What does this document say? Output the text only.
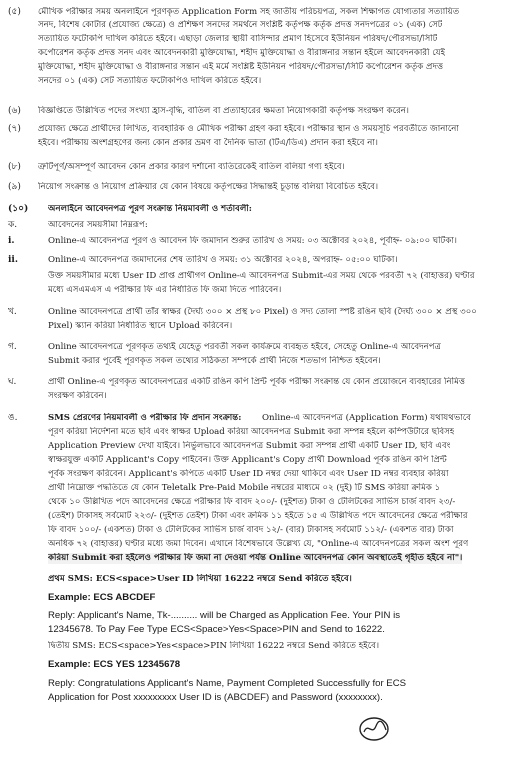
(৫) মৌখিক পরীক্ষার সময় অনলাইনে পূরণকৃত Application Form সহ জাতীয় পরিচয়পত্র, সকল শিক্ষাগত যোগ্যতার সত্যায়িত
সনদ, বিশেষ কোটার (প্রযোজ্য ক্ষেত্রে) ও প্রশিক্ষণ সনদের সমর্থনে সংশ্লিষ্ট কর্তৃপক্ষ কর্তৃক প্রদত্ত সনদপত্রের ০১ (এক) সেট
সত্যায়িত ফটোকপি দাখিল করিতে হইবে। এছাড়া জেলার স্থায়ী বাসিন্দার প্রমাণ হিসেবে ইউনিয়ন পরিষদ/পৌরসভা/সিটি
কর্পোরেশন কর্তৃক প্রদত্ত সনদ এবং আবেদনকারী মুক্তিযোদ্ধা, শহীদ মুক্তিযোদ্ধা ও বীরাঙ্গনার সন্তান হইলে আবেদনকারী যেই
মুক্তিযোদ্ধা, শহীদ মুক্তিযোদ্ধা ও বীরাঙ্গনার সন্তান এই মর্মে সংশ্লিষ্ট ইউনিয়ন পরিষদ/পৌরসভা/সিটি কর্পোরেশন কর্তৃক প্রদত্ত
সনদের ০১ (এক) সেট সত্যায়িত ফটোকপিও দাখিল করিতে হইবে।
(৬) বিজ্ঞপ্তিতে উল্লিখিত পদের সংখ্যা হ্রাস-বৃদ্ধি, বাতিল বা প্রত্যাহারের ক্ষমতা নিয়োগকারী কর্তৃপক্ষ সংরক্ষণ করেন।
(৭) প্রযোজ্য ক্ষেত্রে প্রার্থীদের লিখিত, ব্যবহারিক ও মৌখিক পরীক্ষা গ্রহণ করা হইবে। পরীক্ষার স্থান ও সময়সূচি পরবর্তীতে জানানো
হইবে। পরীক্ষায় অংশগ্রহণের জন্য কোন প্রকার ভ্রমণ বা দৈনিক ভাতা (টিএ/ডিএ) প্রদান করা হইবে না।
(৮) ত্রুটিপূর্ণ/অসম্পূর্ণ আবেদন কোন প্রকার কারণ দর্শানো ব্যতিরেকেই বাতিল বলিয়া গণ্য হইবে।
(৯) নিয়োগ সংক্রান্ত ও নিয়োগ প্রক্রিয়ার যে কোন বিষয়ে কর্তৃপক্ষের সিদ্ধান্তই চূড়ান্ত বলিয়া বিবেচিত হইবে।
(১০) অনলাইনে আবেদনপত্র পূরণ সংক্রান্ত নিয়মাবলী ও শর্তাবলী:
ক.	আবেদনের সময়সীমা নিম্নরূপ:
i.	Online-এ আবেদনপত্র পূরণ ও আবেদন ফি জমাদান শুরুর তারিখ ও সময়: ০৩ অক্টোবর ২০২৪, পূর্বাহ্ন- ০৯:০০ ঘটিকা।
ii.	Online-এ আবেদনপত্র জমাদানের শেষ তারিখ ও সময়: ৩১ অক্টোবর ২০২৪, অপরাহ্ন- ০৫:০০ ঘটিকা।
উক্ত সময়সীমার মধ্যে User ID প্রাপ্ত প্রার্থীগণ Online-এ আবেদনপত্র Submit-এর সময় থেকে পরবর্তী ৭২ (বাহাত্তর) ঘণ্টার
মধ্যে এসএমএস এ পরীক্ষার ফি এর নির্ধারিত ফি জমা দিতে পারিবেন।
খ.	Online আবেদনপত্রে প্রার্থী তাঁর স্বাক্ষর (দৈর্ঘ্য ৩০০ × প্রস্থ ৮০ Pixel) ও সদ্য তোলা স্পষ্ট রঙিন ছবি (দৈর্ঘ্য ৩০০ × প্রস্থ ৩০০
Pixel) স্ক্যান করিয়া নির্ধারিত স্থানে Upload করিবেন।
গ.	Online আবেদনপত্রে পূরণকৃত তথ্যই যেহেতু পরবর্তী সকল কার্যক্রমে ব্যবহৃত হইবে, সেহেতু Online-এ আবেদনপত্র
Submit করার পূর্বেই পূরণকৃত সকল তথ্যের সঠিকতা সম্পর্কে প্রার্থী নিজে শতভাগ নিশ্চিত হইবেন।
ঘ.	প্রার্থী Online-এ পূরণকৃত আবেদনপত্রের একটি রঙিন কপি প্রিন্ট পূর্বক পরীক্ষা সংক্রান্ত যে কোন প্রয়োজনে ব্যবহারের নিমিত্ত
সংরক্ষণ করিবেন।
ঙ.	SMS প্রেরণের নিয়মাবলী ও পরীক্ষার ফি প্রদান সংক্রান্ত:	Online-এ আবেদনপত্র (Application Form) যথাযথভাবে
পূরণ করিয়া নির্দেশনা মতে ছবি এবং স্বাক্ষর Upload করিয়া আবেদনপত্র Submit করা সম্পন্ন হইলে কম্পিউটারে ছবিসহ
Application Preview দেখা যাইবে। নির্ভুলভাবে আবেদনপত্র Submit করা সম্পন্ন প্রার্থী একটি User ID, ছবি এবং
স্বাক্ষরযুক্ত একটি Applicant's Copy পাইবেন। উক্ত Applicant's Copy প্রার্থী Download পূর্বক রঙিন কপি প্রিন্ট
পূর্বক সংরক্ষণ করিবেন। Applicant's কপিতে একটি User ID নম্বর দেয়া থাকিবে এবং User ID নম্বর ব্যবহার করিয়া
প্রার্থী নিম্নোক্ত পদ্ধতিতে যে কোন Teletalk Pre-Paid Mobile নম্বরের মাধ্যমে ০২ (দুই) টি SMS করিয়া ক্রমিক ১
থেকে ১০ উল্লিখিত পদে আবেদনের ক্ষেত্রে পরীক্ষার ফি বাবদ ২০০/- (দুইশত) টাকা ও টেলিটকের সার্ভিস চার্জ বাবদ ২৩/-
(তেইশ) টাকাসহ সর্বমোট ২২৩/- (দুইশত তেইশ) টাকা এবং ক্রমিক ১১ হইতে ১৫ এ উল্লিখিত পদে আবেদনের ক্ষেত্রে পরীক্ষার
ফি বাবদ ১০০/- (একশত) টাকা ও টেলিটকের সার্ভিস চার্জ বাবদ ১২/- (বার) টাকাসহ সর্বমোট ১১২/- (একশত বার) টাকা
অনধিক ৭২ (বাহাত্তর) ঘণ্টার মধ্যে জমা দিবেন। এখানে বিশেষভাবে উল্লেখ্য যে, "Online-এ আবেদনপত্রের সকল অংশ পূরণ
করিয়া Submit করা হইলেও পরীক্ষার ফি জমা না দেওয়া পর্যন্ত Online আবেদনপত্র কোন অবস্থাতেই গৃহীত হইবে না"।
প্রথম SMS: ECS<space>User ID লিখিয়া 16222 নম্বরে Send করিতে হইবে।
Example: ECS ABCDEF
Reply: Applicant's Name, Tk-.......... will be Charged as Application Fee. Your PIN is
12345678. To Pay Fee Type ECS<Space>Yes<Space>PIN and Send to 16222.
দ্বিতীয় SMS: ECS<space>Yes<space>PIN লিখিয়া 16222 নম্বরে Send করিতে হইবে।
Example: ECS YES 12345678
Reply: Congratulations Applicant's Name, Payment Completed Successfully for ECS
Application for Post xxxxxxxxx User ID is (ABCDEF) and Password (xxxxxxxx).
